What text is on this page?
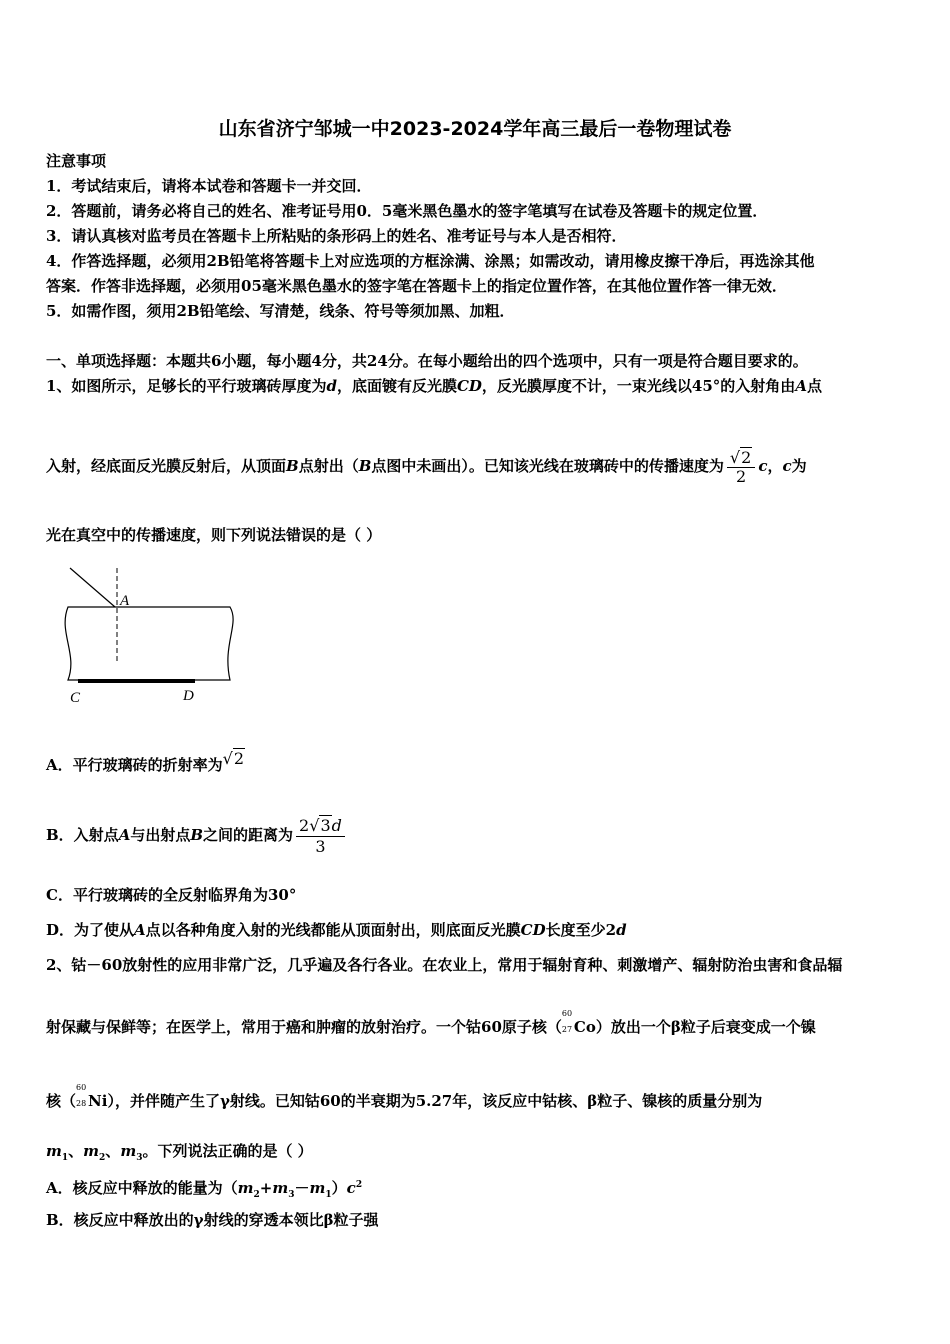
山东省济宁邹城一中2023-2024学年高三最后一卷物理试卷
注意事项
1．考试结束后，请将本试卷和答题卡一并交回．
2．答题前，请务必将自己的姓名、准考证号用0．5毫米黑色墨水的签字笔填写在试卷及答题卡的规定位置．
3．请认真核对监考员在答题卡上所粘贴的条形码上的姓名、准考证号与本人是否相符．
4．作答选择题，必须用2B铅笔将答题卡上对应选项的方框涂满、涂黑；如需改动，请用橡皮擦干净后，再选涂其他
答案．作答非选择题，必须用05毫米黑色墨水的签字笔在答题卡上的指定位置作答，在其他位置作答一律无效．
5．如需作图，须用2B铅笔绘、写清楚，线条、符号等须加黑、加粗．
一、单项选择题：本题共6小题，每小题4分，共24分。在每小题给出的四个选项中，只有一项是符合题目要求的。
1、如图所示，足够长的平行玻璃砖厚度为d，底面镀有反光膜CD，反光膜厚度不计，一束光线以45°的入射角由A点
入射，经底面反光膜反射后，从顶面B点射出（B点图中未画出）。已知该光线在玻璃砖中的传播速度为 $\frac{√2}{2}$ c，c为
光在真空中的传播速度，则下列说法错误的是（ ）
A
C	D
A．平行玻璃砖的折射率为√2
B．入射点A与出射点B之间的距离为 $\frac{2√3d}{3}$
C．平行玻璃砖的全反射临界角为30°
D．为了使从A点以各种角度入射的光线都能从顶面射出，则底面反光膜CD长度至少2d
2、钴－60放射性的应用非常广泛，几乎遍及各行各业。在农业上，常用于辐射育种、刺激增产、辐射防治虫害和食品辐
射保藏与保鲜等；在医学上，常用于癌和肿瘤的放射治疗。一个钴60原子核（
60
27 Co）放出一个β粒子后衰变成一个镍
核（
60
28 Ni），并伴随产生了γ射线。已知钴60的半衰期为5.27年，该反应中钴核、β粒子、镍核的质量分别为
$m_1$、$m_2$、$m_3$。下列说法正确的是（ ）
A．核反应中释放的能量为$(m_2+m_3-m_1)c^2$
B．核反应中释放出的γ射线的穿透本领比β粒子强
